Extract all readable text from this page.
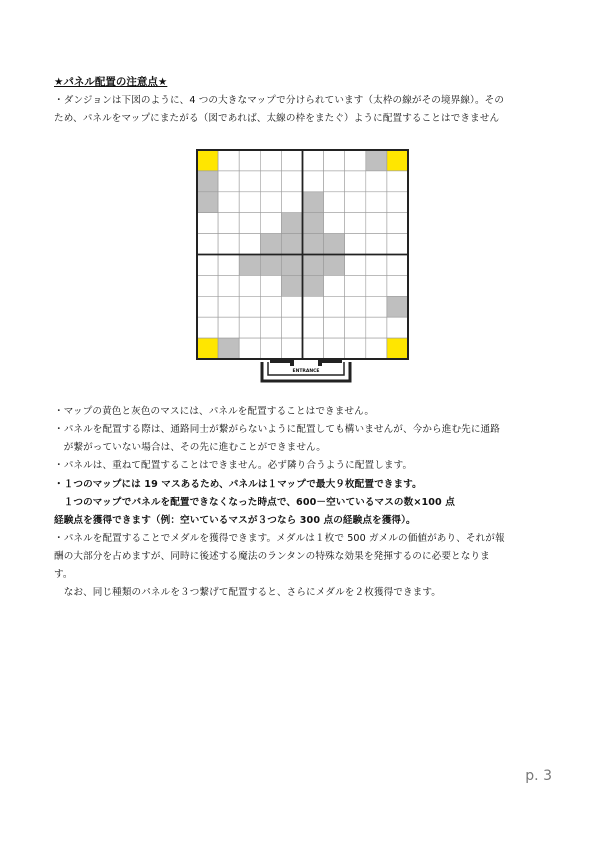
★パネル配置の注意点★
・ダンジョンは下図のように、4 つの大きなマップで分けられています（太枠の線がその境界線）。その
ため、パネルをマップにまたがる（図であれば、太線の枠をまたぐ）ように配置することはできません
ENTRANCE
・マップの黄色と灰色のマスには、パネルを配置することはできません。
・パネルを配置する際は、通路同士が繋がらないように配置しても構いませんが、今から進む先に通路
　が繋がっていない場合は、その先に進むことができません。
・パネルは、重ねて配置することはできません。必ず隣り合うように配置します。
・１つのマップには 19 マスあるため、パネルは１マップで最大９枚配置できます。
　１つのマップでパネルを配置できなくなった時点で、600－空いているマスの数×100 点
経験点を獲得できます（例：空いているマスが３つなら 300 点の経験点を獲得）。
・パネルを配置することでメダルを獲得できます。メダルは１枚で 500 ガメルの価値があり、それが報
酬の大部分を占めますが、同時に後述する魔法のランタンの特殊な効果を発揮するのに必要となりま
す。
　なお、同じ種類のパネルを３つ繋げて配置すると、さらにメダルを２枚獲得できます。
p. 3
